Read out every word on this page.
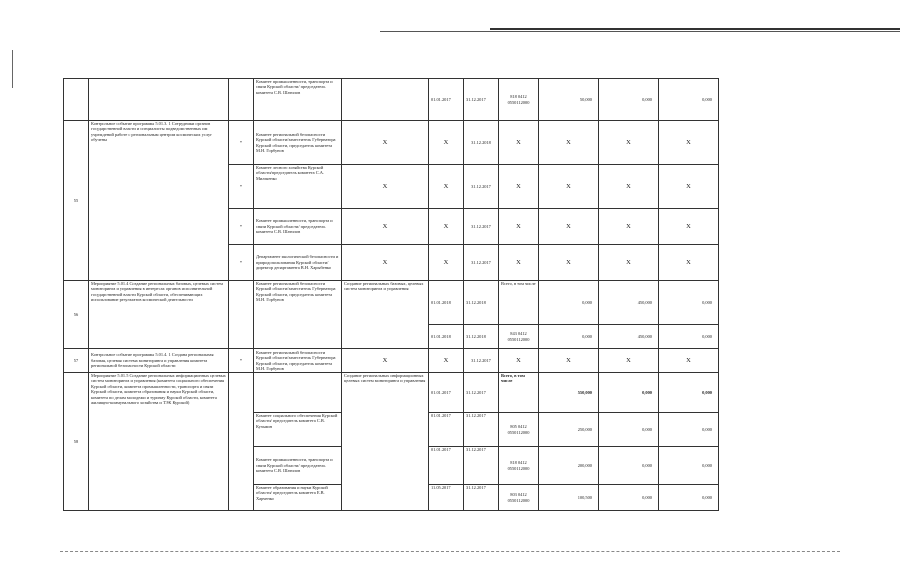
			Комитет промышленности, транспорта и связи Курской области/ председатель комитета С.В. Шатилов		01.01.2017	31.12.2017	818 0412 0550112000	50,000	0,000	0,000
55	Контрольное событие программы 5.01.3. 1 Сотрудники органов государственной власти и специалисты подведомственных им учреждений работе с региональным центром космических услуг обучены	*	Комитет региональной безопасности Курской области/заместитель Губернатора Курской области, председатель комитета М.Н. Горбунов	X	X	31.12.2018	X	X	X	X
		*	Комитет лесного хозяйства Курской области/председатель комитета С.А. Мильченко	X	X	31.12.2017	X	X	X	X
		*	Комитет промышленности, транспорта и связи Курской области/ председатель комитета С.В. Шатилов	X	X	31.12.2017	X	X	X	X
		*	Департамент экологической безопасности и природопользования Курской области/ директор департамента В.Н. Харыбенко	X	X	31.12.2017	X	X	X	X
56	Мероприятие 5.01.4 Создание региональных базовых, целевых систем мониторинга и управления в интересах органов исполнительной государственной власти Курской области, обеспечивающих использование результатов космической деятельности		Комитет региональной безопасности Курской области/заместитель Губернатора Курской области, председатель комитета М.Н. Горбунов	Создание региональных базовых, целевых систем мониторинга и управления	01.01.2018	31.12.2018	Всего, в том числе	0,000	450,000	0,000
					01.01.2018	31.12.2018	843 0412 0550112000	0,000	450,000	0,000
57	Контрольное событие программы 5.01.4. 1 Создана региональная базовая, целевая система мониторинга и управления комитета региональной безопасности Курской области	*	Комитет региональной безопасности Курской области/заместитель Губернатора Курской области, председатель комитета М.Н. Горбунов	X	X	31.12.2017	X	X	X	X
58	Мероприятие 5.01.5 Создание региональных информационных целевых систем мониторинга и управления (комитета социального обеспечения Курской области, комитета промышленности, транспорта и связи Курской области, комитета образования и науки Курской области, комитета по делам молодежи и туризму Курской области, комитета жилищно-коммунального хозяйства и ТЭК Курской)			Создание региональных информационных целевых систем мониторинга и управления	01.01.2017	31.12.2017	Всего, в том числе	550,000	0,000	0,000
			Комитет социального обеспечения Курской области/ председатель комитета С.В. Кузьмин		01.01.2017	31.12.2017	805 0412 0550112000	250,000	0,000	0,000
			Комитет промышленности, транспорта и связи Курской области/ председатель комитета С.В. Шатилов		01.01.2017	31.12.2017	818 0412 0550112000	200,000	0,000	0,000
			Комитет образования и науки Курской области/ председатель комитета Е.В. Харченко		11.05.2017	31.12.2017	803 0412 0550112000	100,500	0,000	0,000
